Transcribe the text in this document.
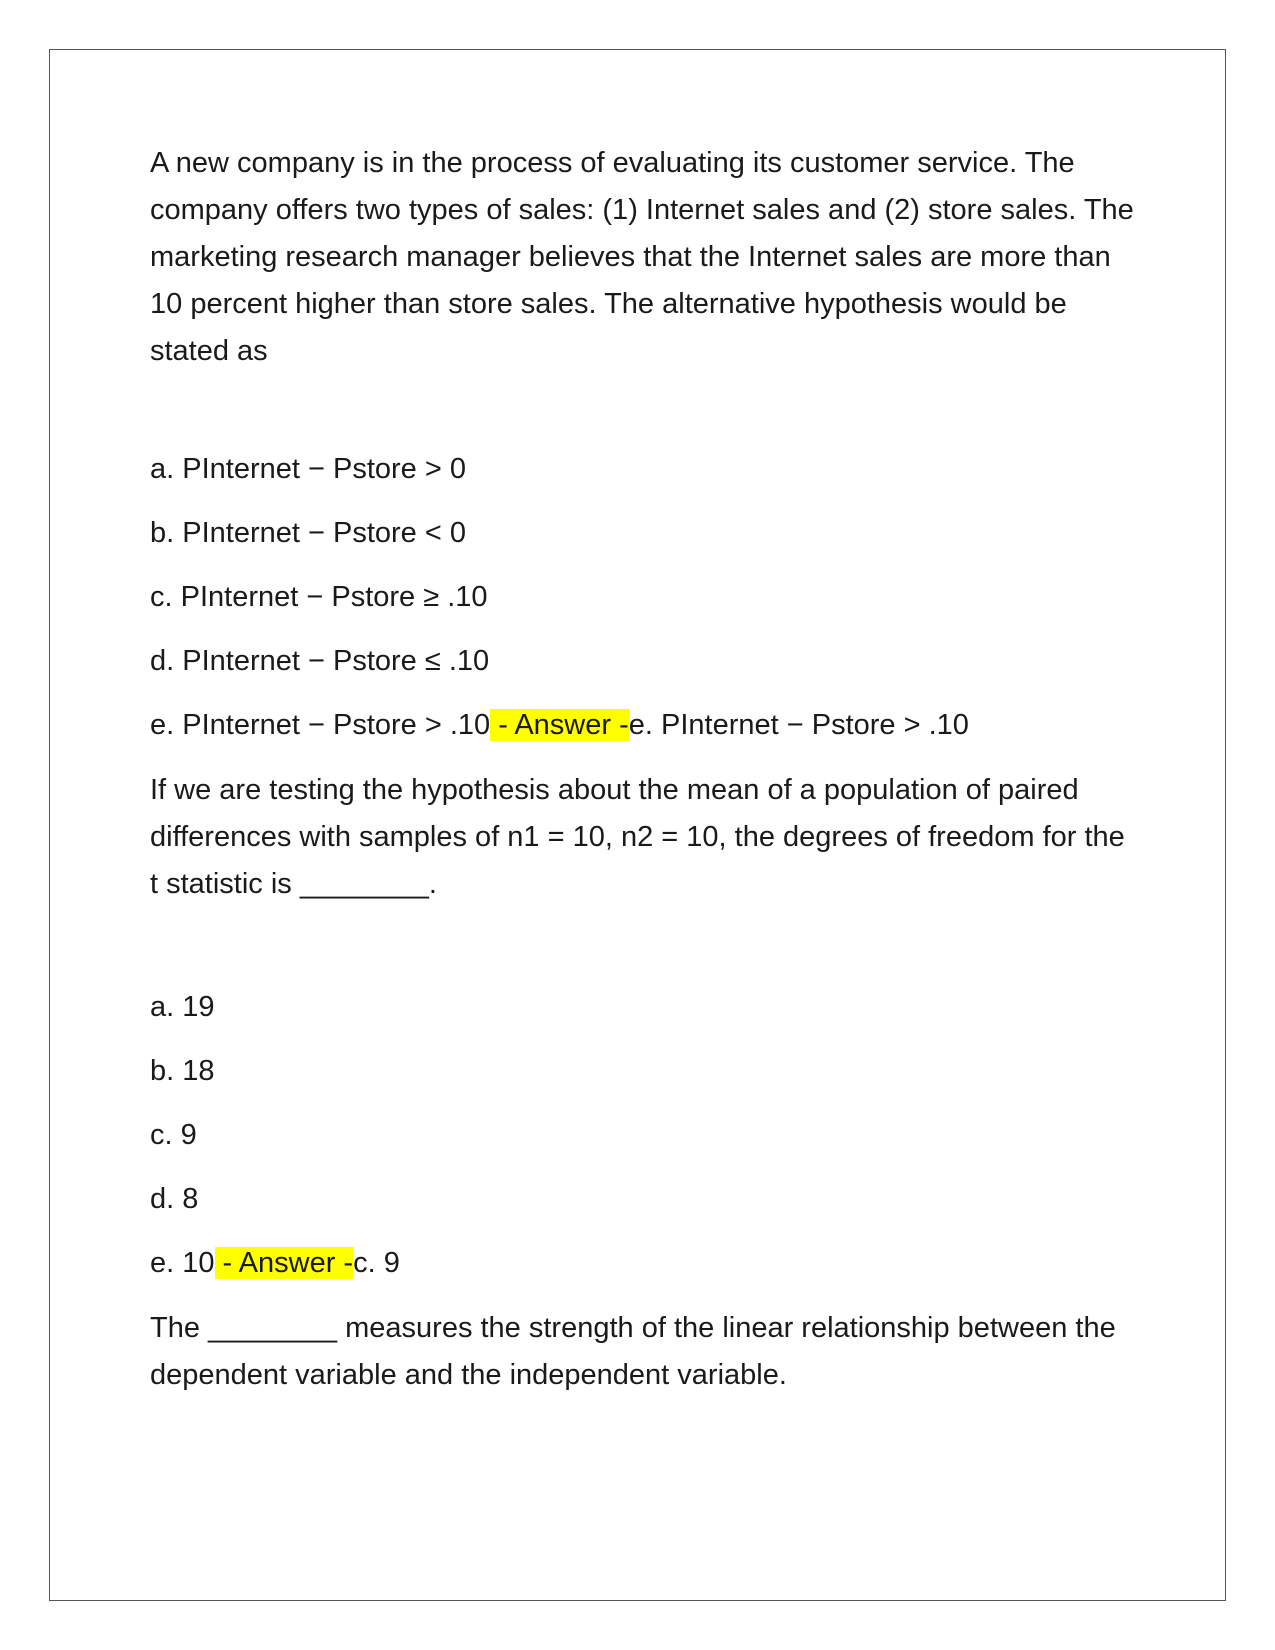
A new company is in the process of evaluating its customer service. The company offers two types of sales: (1) Internet sales and (2) store sales. The marketing research manager believes that the Internet sales are more than 10 percent higher than store sales. The alternative hypothesis would be stated as

a. PInternet − Pstore > 0

b. PInternet − Pstore < 0

c. PInternet − Pstore ≥ .10

d. PInternet − Pstore ≤ .10

e. PInternet − Pstore > .10 - Answer -e. PInternet − Pstore > .10

If we are testing the hypothesis about the mean of a population of paired differences with samples of n1 = 10, n2 = 10, the degrees of freedom for the t statistic is ________.

a. 19

b. 18

c. 9

d. 8

e. 10 - Answer -c. 9

The ________ measures the strength of the linear relationship between the dependent variable and the independent variable.
